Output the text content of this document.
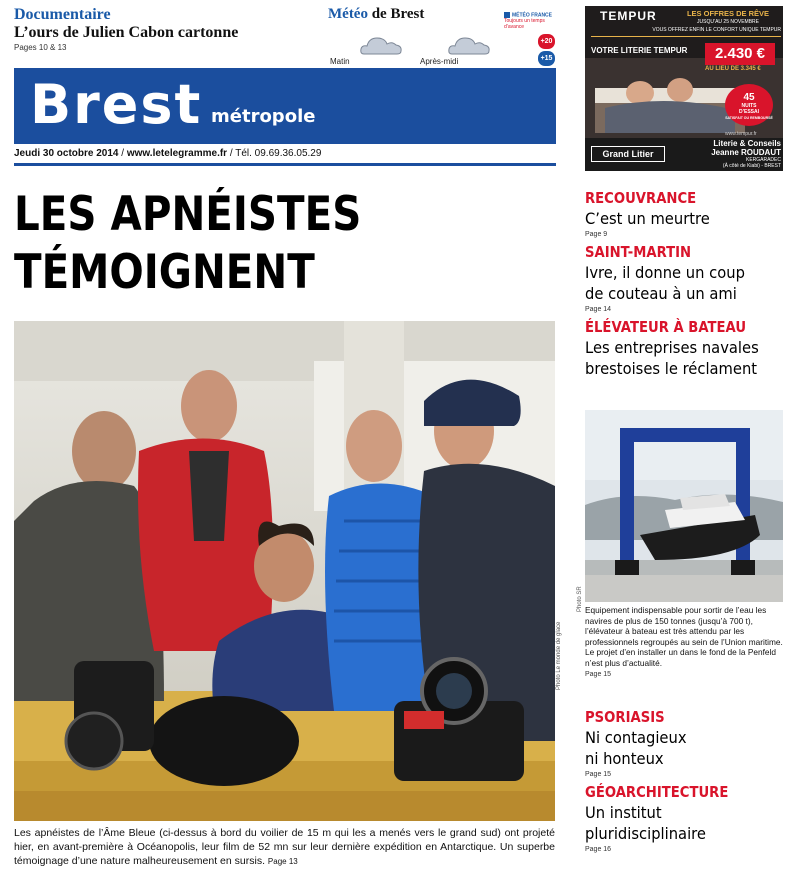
Documentaire
L’ours de Julien Cabon cartonne
Pages 10 & 13
Météo de Brest	MÉTÉO FRANCE
Toujours un temps d’avance
Matin	Après-midi
+20
+15
Brest métropole
Jeudi 30 octobre 2014 / www.letelegramme.fr / Tél. 09.69.36.05.29
LES APNÉISTES
TÉMOIGNENT
Photo Le monde de glace
Les apnéistes de l’Âme Bleue (ci-dessus à bord du voilier de 15 m qui les a menés vers le grand sud) ont projeté hier, en avant-première à Océanopolis, leur film de 52 mn sur leur dernière expédition en Antarctique. Un superbe témoignage d’une nature malheureusement en sursis. Page 13
TEMPUR	LES OFFRES DE RÊVE
JUSQU’AU 25 NOVEMBRE
VOUS OFFREZ ENFIN LE CONFORT UNIQUE TEMPUR
VOTRE LITERIE TEMPUR	2.430 €
AU LIEU DE 3.345 €
45
NUITS
D’ESSAI
SATISFAIT OU REMBOURSÉ
www.tempur.fr
Grand Litier
Literie & Conseils
Jeanne ROUDAUT
KERGARADEC
(À côté de Kiabi) - BREST
RECOUVRANCE
C’est un meurtre
Page 9
SAINT-MARTIN
Ivre, il donne un coup
de couteau à un ami
Page 14
ÉLÉVATEUR À BATEAU
Les entreprises navales
brestoises le réclament
Photo SR Equipement indispensable pour sortir de l’eau les navires de plus de 150 tonnes (jusqu’à 700 t), l’élévateur à bateau est très attendu par les professionnels regroupés au sein de l’Union maritime. Le projet d’en installer un dans le fond de la Penfeld n’est plus d’actualité.
Page 15
PSORIASIS
Ni contagieux
ni honteux
Page 15
GÉOARCHITECTURE
Un institut
pluridisciplinaire
Page 16
